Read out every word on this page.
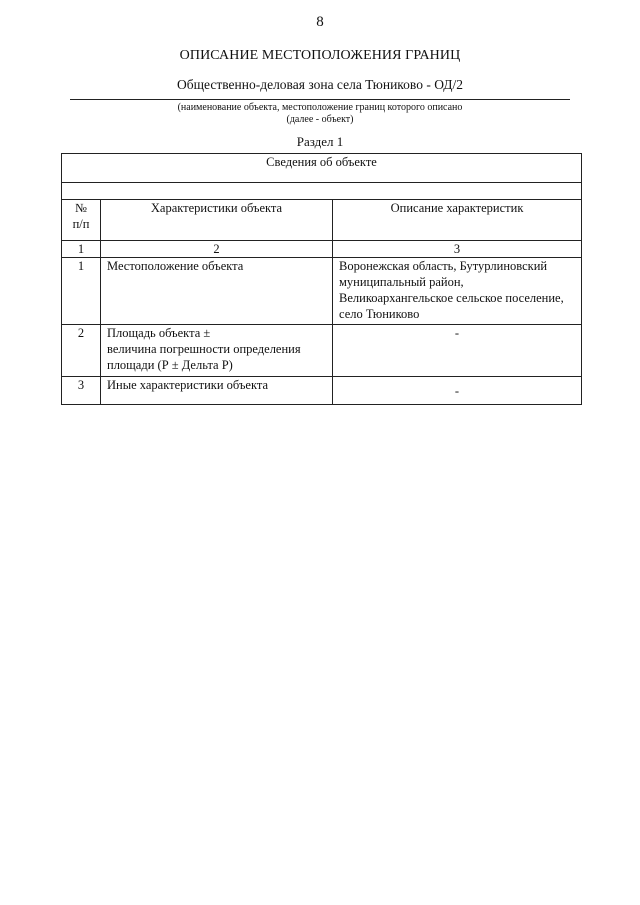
8
ОПИСАНИЕ МЕСТОПОЛОЖЕНИЯ ГРАНИЦ
Общественно-деловая зона села Тюниково - ОД/2
(наименование объекта, местоположение границ которого описано
(далее - объект)
Раздел 1
Сведения об объекте		

№
п/п	Характеристики объекта	Описание характеристик
1	2	3
1	Местоположение объекта	Воронежская область, Бутурлиновский
муниципальный район,
Великоархангельское сельское поселение,
село Тюниково

2	Площадь объекта ±
величина погрешности определения
площади (Р ± Дельта Р)	-

3	Иные характеристики объекта	-
